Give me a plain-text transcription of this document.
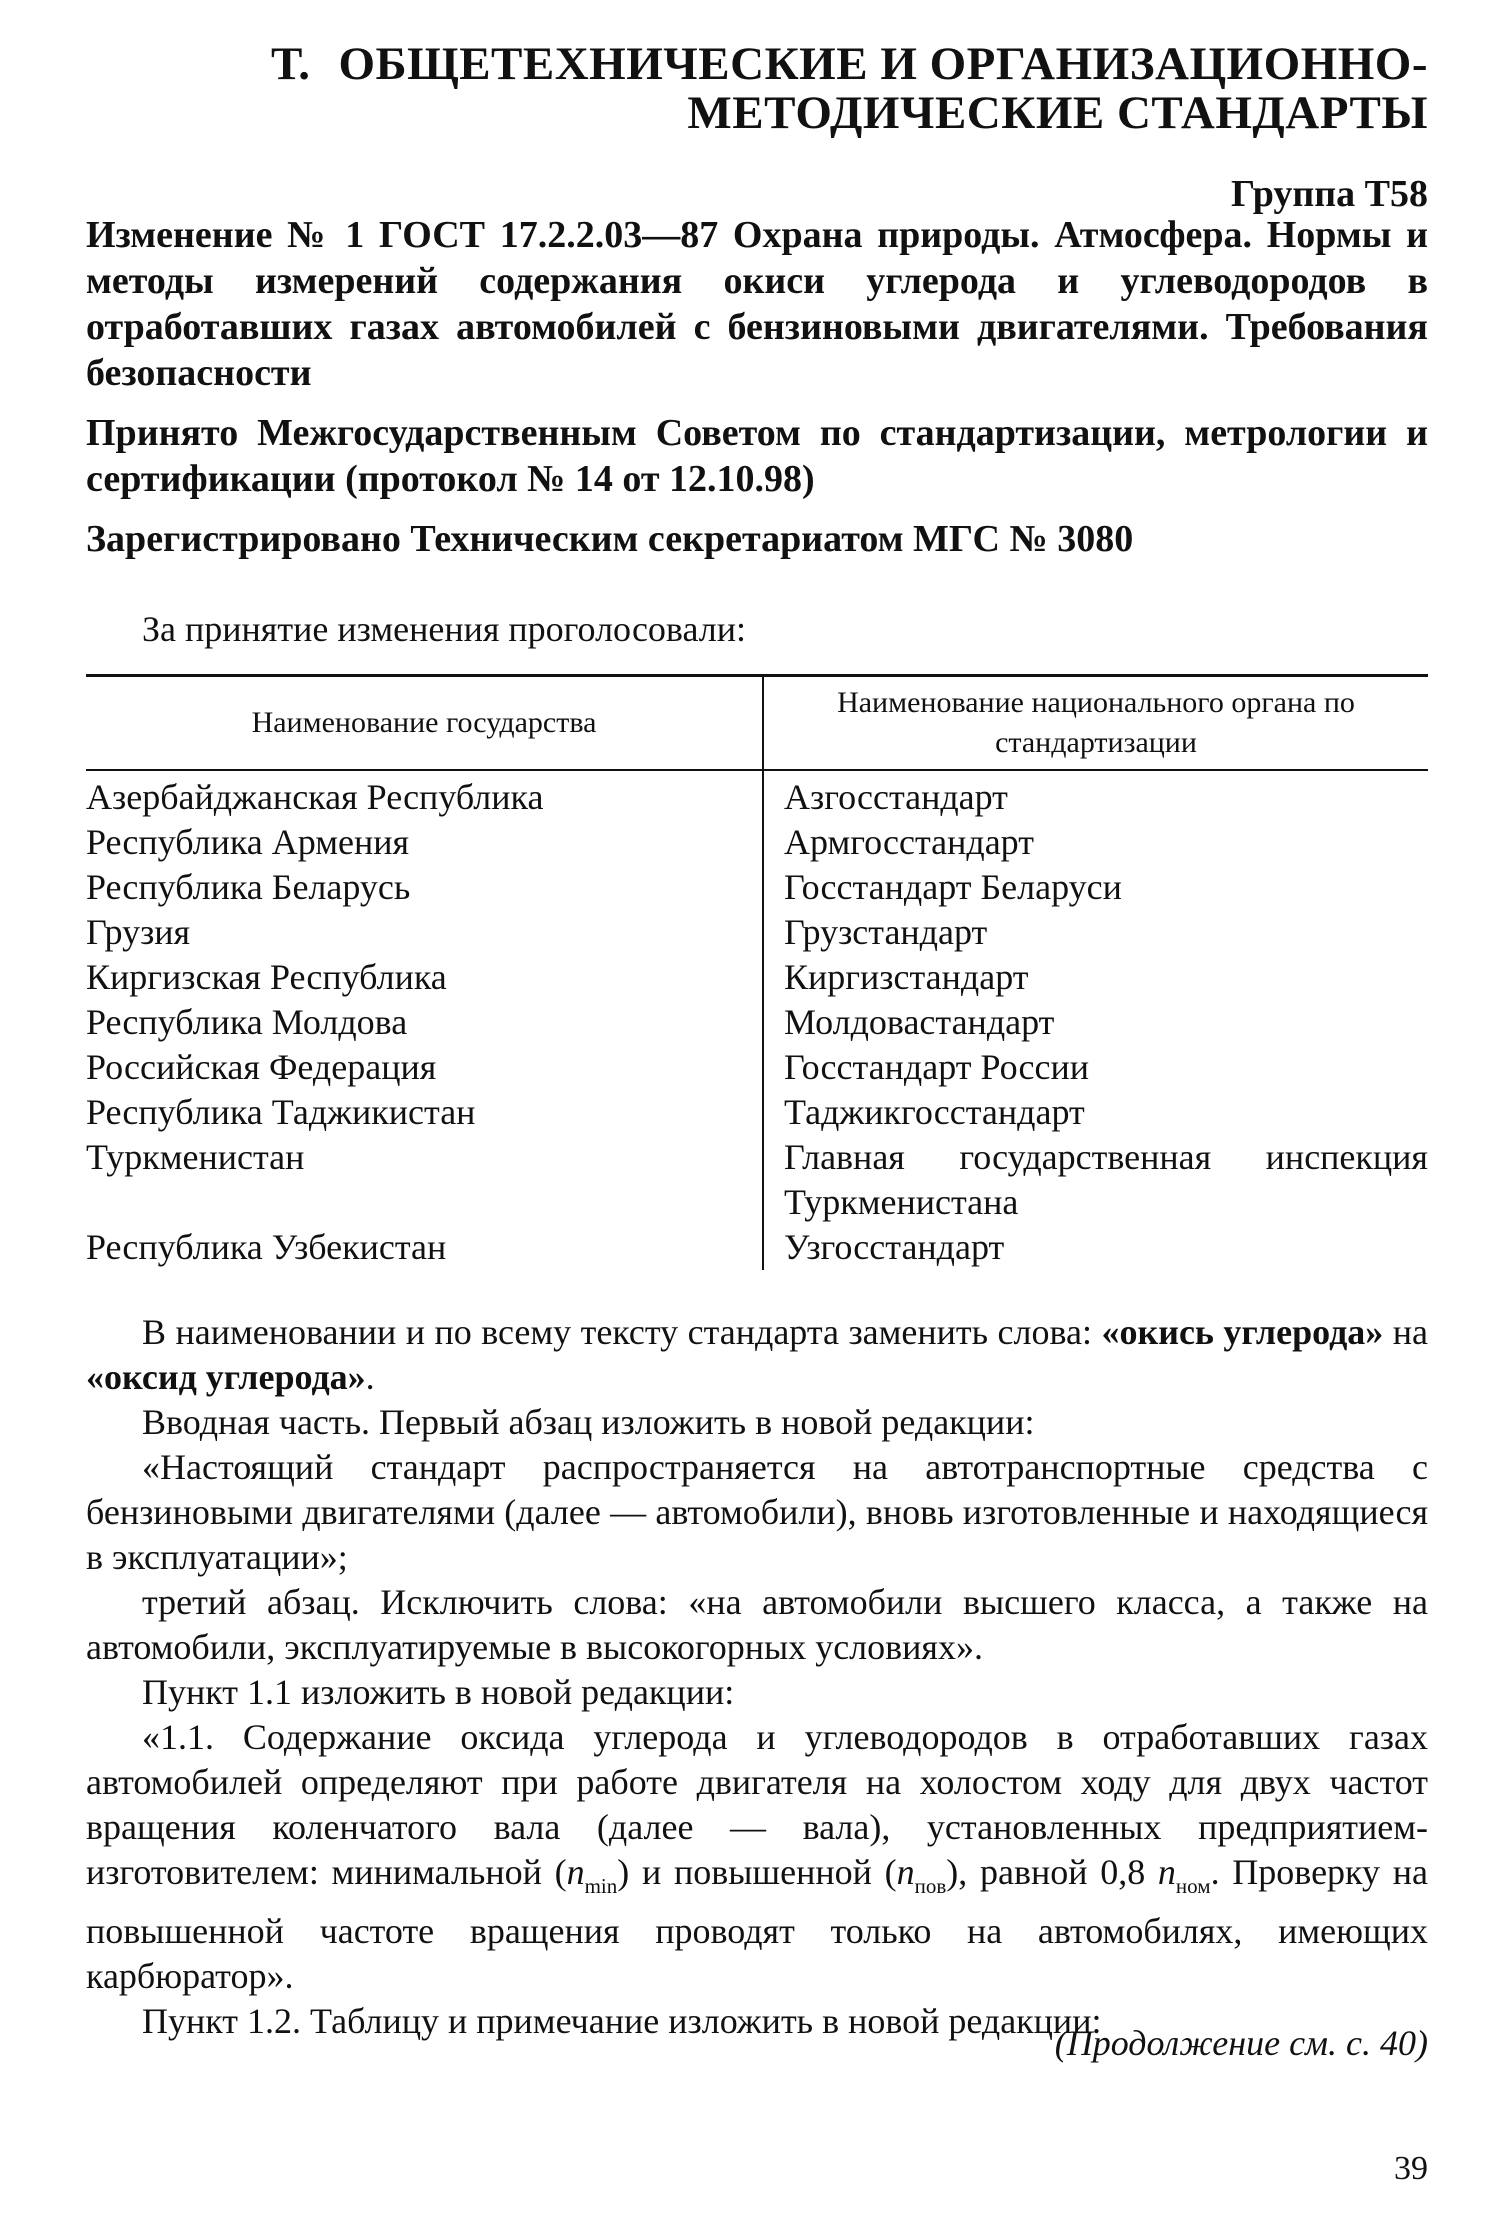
Т. ОБЩЕТЕХНИЧЕСКИЕ И ОРГАНИЗАЦИОННО-
МЕТОДИЧЕСКИЕ СТАНДАРТЫ
Группа Т58

Изменение № 1 ГОСТ 17.2.2.03—87 Охрана природы. Атмосфера. Нормы и методы измерений содержания окиси углерода и углеводородов в отработавших газах автомобилей с бензиновыми двигателями. Требования безопасности

Принято Межгосударственным Советом по стандартизации, метрологии и сертификации (протокол № 14 от 12.10.98)

Зарегистрировано Техническим секретариатом МГС № 3080

За принятие изменения проголосовали:
Наименование государства	Наименование национального органа по стандартизации
Азербайджанская Республика	Азгосстандарт
Республика Армения	Армгосстандарт
Республика Беларусь	Госстандарт Беларуси
Грузия	Грузстандарт
Киргизская Республика	Киргизстандарт
Республика Молдова	Молдовастандарт
Российская Федерация	Госстандарт России
Республика Таджикистан	Таджикгосстандарт
Туркменистан	Главная государственная инспекция Туркменистана
Республика Узбекистан	Узгосстандарт

В наименовании и по всему тексту стандарта заменить слова: «окись углерода» на «оксид углерода».

Вводная часть. Первый абзац изложить в новой редакции:

«Настоящий стандарт распространяется на автотранспортные средства с бензиновыми двигателями (далее — автомобили), вновь изготовленные и находящиеся в эксплуатации»;

третий абзац. Исключить слова: «на автомобили высшего класса, а также на автомобили, эксплуатируемые в высокогорных условиях».

Пункт 1.1 изложить в новой редакции:

«1.1. Содержание оксида углерода и углеводородов в отработавших газах автомобилей определяют при работе двигателя на холостом ходу для двух частот вращения коленчатого вала (далее — вала), установленных предприятием-изготовителем: минимальной $(n_{min})$ и повышенной $(n_{пов})$, равной 0,8 $n_{ном}$. Проверку на повышенной частоте вращения проводят только на автомобилях, имеющих карбюратор».

Пункт 1.2. Таблицу и примечание изложить в новой редакции:

(Продолжение см. с. 40)
39
